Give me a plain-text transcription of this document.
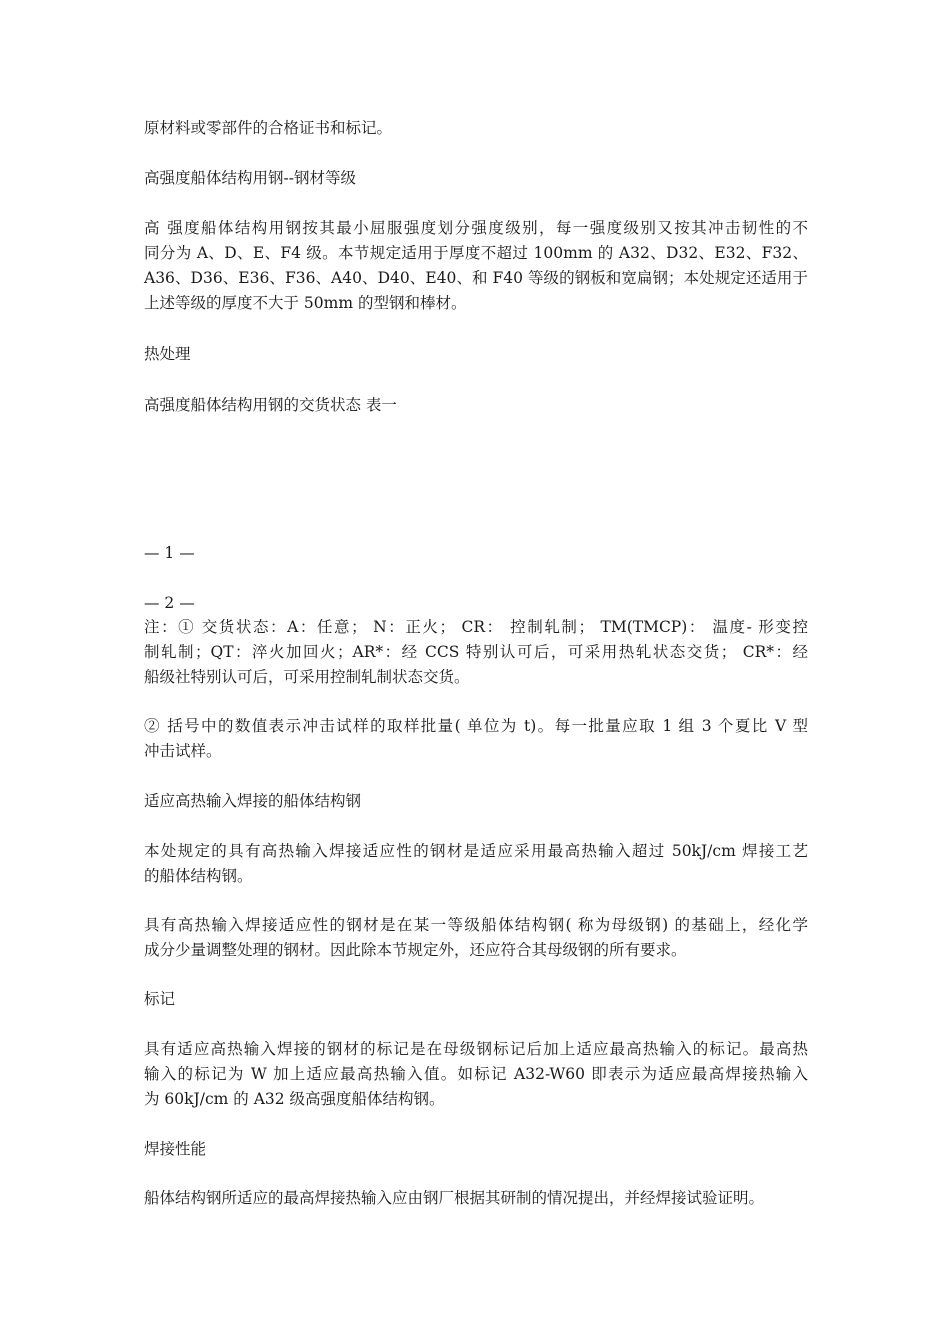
原材料或零部件的合格证书和标记。

高强度船体结构用钢--钢材等级

高 强度船体结构用钢按其最小屈服强度划分强度级别，每一强度级别又按其冲击韧性的不
同分为 A、D、E、F4 级。本节规定适用于厚度不超过 100mm 的 A32、D32、E32、F32、
A36、D36、E36、F36、A40、D40、E40、和 F40 等级的钢板和宽扁钢；本处规定还适用于
上述等级的厚度不大于 50mm 的型钢和棒材。

热处理

高强度船体结构用钢的交货状态 表一

— 1 —

— 2 —

注：① 交货状态：A：任意； N：正火； CR： 控制轧制； TM(TMCP)： 温度- 形变控
制轧制；QT：淬火加回火；AR*：经 CCS 特别认可后，可采用热轧状态交货； CR*：经
船级社特别认可后，可采用控制轧制状态交货。

② 括号中的数值表示冲击试样的取样批量( 单位为 t)。每一批量应取 1 组 3 个夏比 V 型
冲击试样。

适应高热输入焊接的船体结构钢

本处规定的具有高热输入焊接适应性的钢材是适应采用最高热输入超过 50kJ/cm 焊接工艺
的船体结构钢。

具有高热输入焊接适应性的钢材是在某一等级船体结构钢( 称为母级钢) 的基础上，经化学
成分少量调整处理的钢材。因此除本节规定外，还应符合其母级钢的所有要求。

标记

具有适应高热输入焊接的钢材的标记是在母级钢标记后加上适应最高热输入的标记。最高热
输入的标记为 W 加上适应最高热输入值。如标记 A32-W60 即表示为适应最高焊接热输入
为 60kJ/cm 的 A32 级高强度船体结构钢。

焊接性能

船体结构钢所适应的最高焊接热输入应由钢厂根据其研制的情况提出，并经焊接试验证明。
